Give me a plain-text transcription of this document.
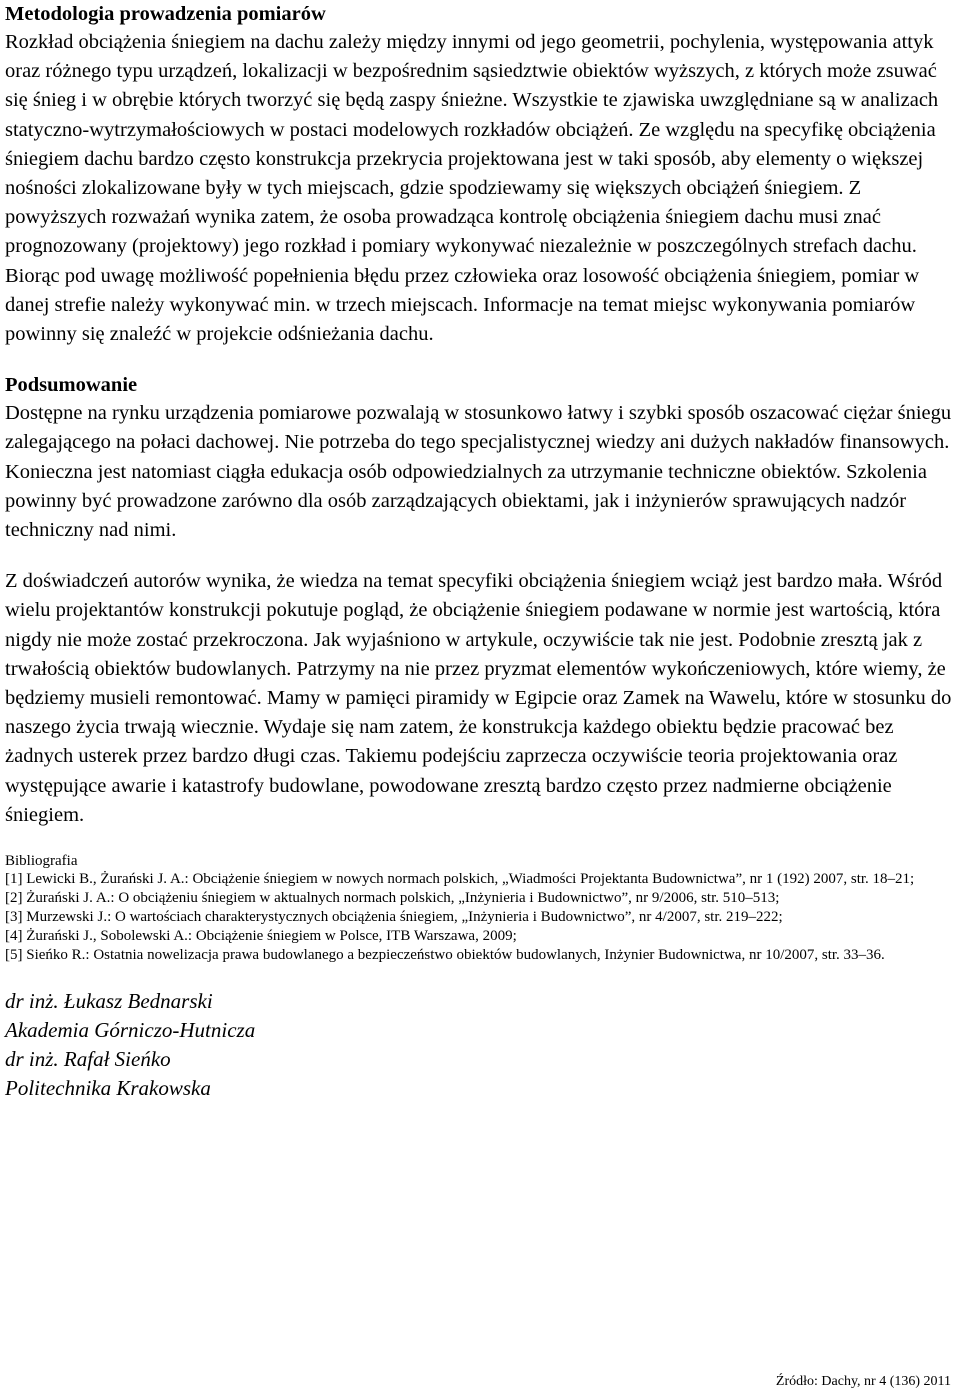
Metodologia prowadzenia pomiarów

Rozkład obciążenia śniegiem na dachu zależy między innymi od jego geometrii, pochylenia, występowania attyk oraz różnego typu urządzeń, lokalizacji w bezpośrednim sąsiedztwie obiektów wyższych, z których może zsuwać się śnieg i w obrębie których tworzyć się będą zaspy śnieżne. Wszystkie te zjawiska uwzględniane są w analizach statyczno-wytrzymałościowych w postaci modelowych rozkładów obciążeń. Ze względu na specyfikę obciążenia śniegiem dachu bardzo często konstrukcja przekrycia projektowana jest w taki sposób, aby elementy o większej nośności zlokalizowane były w tych miejscach, gdzie spodziewamy się większych obciążeń śniegiem. Z powyższych rozważań wynika zatem, że osoba prowadząca kontrolę obciążenia śniegiem dachu musi znać prognozowany (projektowy) jego rozkład i pomiary wykonywać niezależnie w poszczególnych strefach dachu. Biorąc pod uwagę możliwość popełnienia błędu przez człowieka oraz losowość obciążenia śniegiem, pomiar w danej strefie należy wykonywać min. w trzech miejscach. Informacje na temat miejsc wykonywania pomiarów powinny się znaleźć w projekcie odśnieżania dachu.

Podsumowanie

Dostępne na rynku urządzenia pomiarowe pozwalają w stosunkowo łatwy i szybki sposób oszacować ciężar śniegu zalegającego na połaci dachowej. Nie potrzeba do tego specjalistycznej wiedzy ani dużych nakładów finansowych. Konieczna jest natomiast ciągła edukacja osób odpowiedzialnych za utrzymanie techniczne obiektów. Szkolenia powinny być prowadzone zarówno dla osób zarządzających obiektami, jak i inżynierów sprawujących nadzór techniczny nad nimi.

Z doświadczeń autorów wynika, że wiedza na temat specyfiki obciążenia śniegiem wciąż jest bardzo mała. Wśród wielu projektantów konstrukcji pokutuje pogląd, że obciążenie śniegiem podawane w normie jest wartością, która nigdy nie może zostać przekroczona. Jak wyjaśniono w artykule, oczywiście tak nie jest. Podobnie zresztą jak z trwałością obiektów budowlanych. Patrzymy na nie przez pryzmat elementów wykończeniowych, które wiemy, że będziemy musieli remontować. Mamy w pamięci piramidy w Egipcie oraz Zamek na Wawelu, które w stosunku do naszego życia trwają wiecznie. Wydaje się nam zatem, że konstrukcja każdego obiektu będzie pracować bez żadnych usterek przez bardzo długi czas. Takiemu podejściu zaprzecza oczywiście teoria projektowania oraz występujące awarie i katastrofy budowlane, powodowane zresztą bardzo często przez nadmierne obciążenie śniegiem.

Bibliografia

[1] Lewicki B., Żurański J. A.: Obciążenie śniegiem w nowych normach polskich, „Wiadmości Projektanta Budownictwa”, nr 1 (192) 2007, str. 18–21;

[2] Żurański J. A.: O obciążeniu śniegiem w aktualnych normach polskich, „Inżynieria i Budownictwo”, nr 9/2006, str. 510–513;

[3] Murzewski J.: O wartościach charakterystycznych obciążenia śniegiem, „Inżynieria i Budownictwo”, nr 4/2007, str. 219–222;

[4] Żurański J., Sobolewski A.: Obciążenie śniegiem w Polsce, ITB Warszawa, 2009;

[5] Sieńko R.: Ostatnia nowelizacja prawa budowlanego a bezpieczeństwo obiektów budowlanych, Inżynier Budownictwa, nr 10/2007, str. 33–36.

dr inż. Łukasz Bednarski

Akademia Górniczo-Hutnicza

dr inż. Rafał Sieńko

Politechnika Krakowska

Źródło: Dachy, nr 4 (136) 2011
